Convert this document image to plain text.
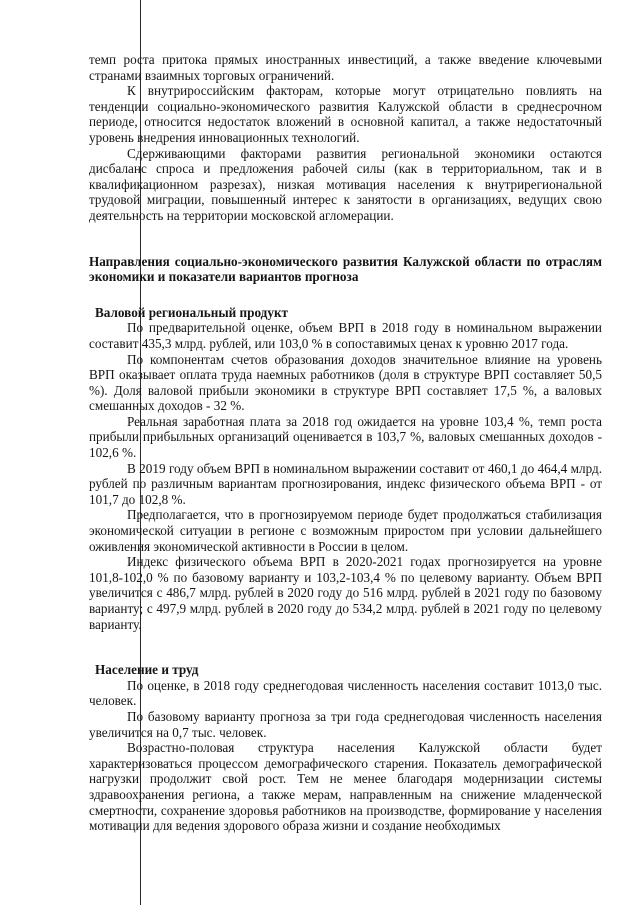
темп роста притока прямых иностранных инвестиций, а также введение ключевыми странами взаимных торговых ограничений.

К внутрироссийским факторам, которые могут отрицательно повлиять на тенденции социально-экономического развития Калужской области в среднесрочном периоде, относится недостаток вложений в основной капитал, а также недостаточный уровень внедрения инновационных технологий.

Сдерживающими факторами развития региональной экономики остаются дисбаланс спроса и предложения рабочей силы (как в территориальном, так и в квалификационном разрезах), низкая мотивация населения к внутрирегиональной трудовой миграции, повышенный интерес к занятости в организациях, ведущих свою деятельность на территории московской агломерации.

Направления социально-экономического развития Калужской области по отраслям экономики и показатели вариантов прогноза

Валовой региональный продукт

По предварительной оценке, объем ВРП в 2018 году в номинальном выражении составит 435,3 млрд. рублей, или 103,0 % в сопоставимых ценах к уровню 2017 года.

По компонентам счетов образования доходов значительное влияние на уровень ВРП оказывает оплата труда наемных работников (доля в структуре ВРП составляет 50,5 %). Доля валовой прибыли экономики в структуре ВРП составляет 17,5 %, а валовых смешанных доходов - 32 %.

Реальная заработная плата за 2018 год ожидается на уровне 103,4 %, темп роста прибыли прибыльных организаций оценивается в 103,7 %, валовых смешанных доходов - 102,6 %.

В 2019 году объем ВРП в номинальном выражении составит от 460,1 до 464,4 млрд. рублей по различным вариантам прогнозирования, индекс физического объема ВРП - от 101,7 до 102,8 %.

Предполагается, что в прогнозируемом периоде будет продолжаться стабилизация экономической ситуации в регионе с возможным приростом при условии дальнейшего оживления экономической активности в России в целом.

Индекс физического объема ВРП в 2020-2021 годах прогнозируется на уровне 101,8-102,0 % по базовому варианту и 103,2-103,4 % по целевому варианту. Объем ВРП увеличится с 486,7 млрд. рублей в 2020 году до 516 млрд. рублей в 2021 году по базовому варианту; с 497,9 млрд. рублей в 2020 году до 534,2 млрд. рублей в 2021 году по целевому варианту.

Население и труд

По оценке, в 2018 году среднегодовая численность населения составит 1013,0 тыс. человек.

По базовому варианту прогноза за три года среднегодовая численность населения увеличится на 0,7 тыс. человек.

Возрастно-половая структура населения Калужской области будет характеризоваться процессом демографического старения. Показатель демографической нагрузки продолжит свой рост. Тем не менее благодаря модернизации системы здравоохранения региона, а также мерам, направленным на снижение младенческой смертности, сохранение здоровья работников на производстве, формирование у населения мотивации для ведения здорового образа жизни и создание необходимых
